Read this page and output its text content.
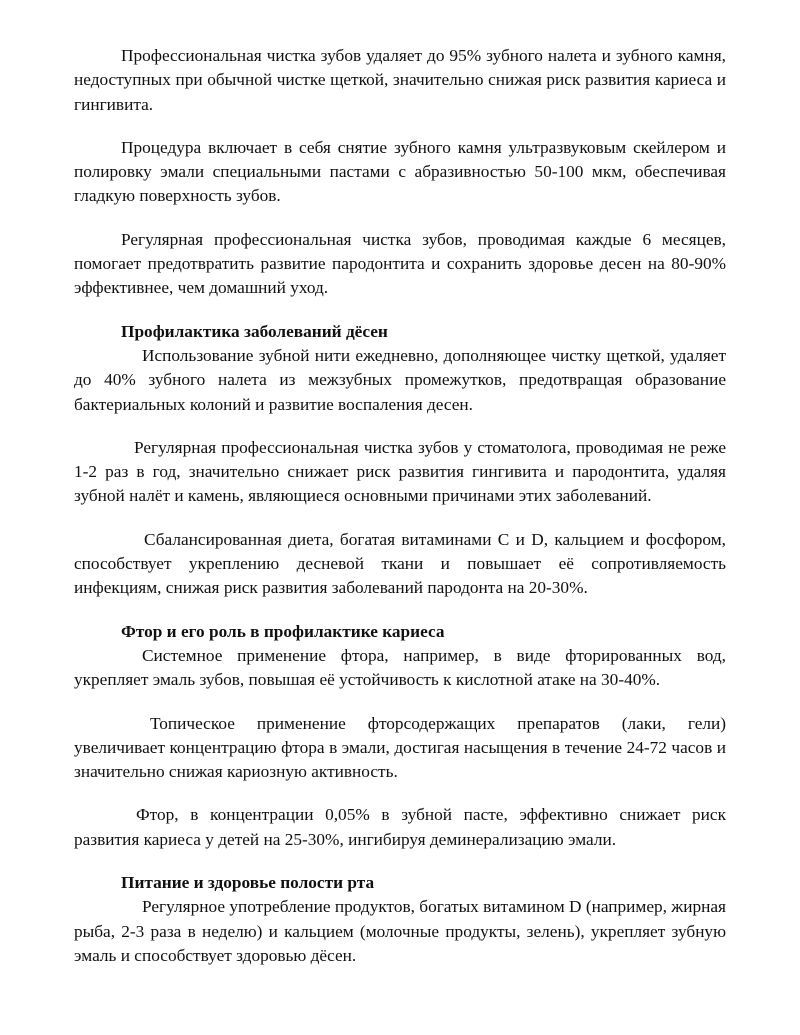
Профессиональная чистка зубов удаляет до 95% зубного налета и зубного камня, недоступных при обычной чистке щеткой, значительно снижая риск развития кариеса и гингивита.

Процедура включает в себя снятие зубного камня ультразвуковым скейлером и полировку эмали специальными пастами с абразивностью 50-100 мкм, обеспечивая гладкую поверхность зубов.

Регулярная профессиональная чистка зубов, проводимая каждые 6 месяцев, помогает предотвратить развитие пародонтита и сохранить здоровье десен на 80-90% эффективнее, чем домашний уход.

Профилактика заболеваний дёсен

Использование зубной нити ежедневно, дополняющее чистку щеткой, удаляет до 40% зубного налета из межзубных промежутков, предотвращая образование бактериальных колоний и развитие воспаления десен.

Регулярная профессиональная чистка зубов у стоматолога, проводимая не реже 1-2 раз в год, значительно снижает риск развития гингивита и пародонтита, удаляя зубной налёт и камень, являющиеся основными причинами этих заболеваний.

Сбалансированная диета, богатая витаминами С и D, кальцием и фосфором, способствует укреплению десневой ткани и повышает её сопротивляемость инфекциям, снижая риск развития заболеваний пародонта на 20-30%.

Фтор и его роль в профилактике кариеса

Системное применение фтора, например, в виде фторированных вод, укрепляет эмаль зубов, повышая её устойчивость к кислотной атаке на 30-40%.

Топическое применение фторсодержащих препаратов (лаки, гели) увеличивает концентрацию фтора в эмали, достигая насыщения в течение 24-72 часов и значительно снижая кариозную активность.

Фтор, в концентрации 0,05% в зубной пасте, эффективно снижает риск развития кариеса у детей на 25-30%, ингибируя деминерализацию эмали.

Питание и здоровье полости рта

Регулярное употребление продуктов, богатых витамином D (например, жирная рыба, 2-3 раза в неделю) и кальцием (молочные продукты, зелень), укрепляет зубную эмаль и способствует здоровью дёсен.
